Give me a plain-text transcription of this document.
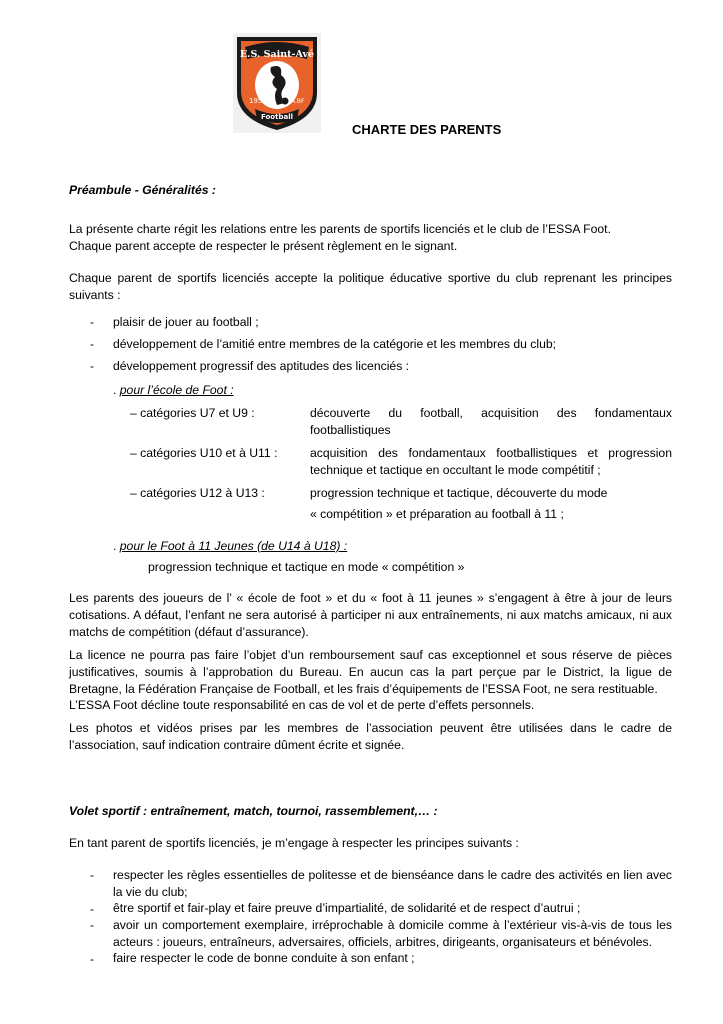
E.S. Saint-Avé
1959	A.BF
Football
CHARTE DES PARENTS
Préambule - Généralités :
La présente charte régit les relations entre les parents de sportifs licenciés et le club de l’ESSA Foot.
Chaque parent accepte de respecter le présent règlement en le signant.
Chaque parent de sportifs licenciés accepte la politique éducative sportive du club reprenant les principes suivants :
- plaisir de jouer au football ;
- développement de l’amitié entre membres de la catégorie et les membres du club;
- développement progressif des aptitudes des licenciés :
. pour l’école de Foot :
– catégories U7 et U9 :	découverte du football, acquisition des fondamentaux footballistiques
– catégories U10 et à U11 :	acquisition des fondamentaux footballistiques et progression technique et tactique en occultant le mode compétitif ;
– catégories U12 à U13 :	progression technique et tactique, découverte du mode
« compétition » et préparation au football à 11 ;
. pour le Foot à 11 Jeunes (de U14 à U18) :
progression technique et tactique en mode « compétition »
Les parents des joueurs de l’ « école de foot » et du « foot à 11 jeunes » s’engagent à être à jour de leurs cotisations. A défaut, l’enfant ne sera autorisé à participer ni aux entraînements, ni aux matchs amicaux, ni aux matchs de compétition (défaut d’assurance).
La licence ne pourra pas faire l’objet d’un remboursement sauf cas exceptionnel et sous réserve de pièces justificatives, soumis à l’approbation du Bureau. En aucun cas la part perçue par le District, la ligue de Bretagne, la Fédération Française de Football, et les frais d’équipements de l’ESSA Foot, ne sera restituable.
L’ESSA Foot décline toute responsabilité en cas de vol et de perte d’effets personnels.
Les photos et vidéos prises par les membres de l’association peuvent être utilisées dans le cadre de l’association, sauf indication contraire dûment écrite et signée.
Volet sportif : entraînement, match, tournoi, rassemblement,… :
En tant parent de sportifs licenciés, je m’engage à respecter les principes suivants :
- respecter les règles essentielles de politesse et de bienséance dans le cadre des activités en lien avec la vie du club;
- être sportif et fair-play et faire preuve d’impartialité, de solidarité et de respect d’autrui ;
- avoir un comportement exemplaire, irréprochable à domicile comme à l’extérieur vis-à-vis de tous les acteurs : joueurs, entraîneurs, adversaires, officiels, arbitres, dirigeants, organisateurs et bénévoles.
- faire respecter le code de bonne conduite à son enfant ;
